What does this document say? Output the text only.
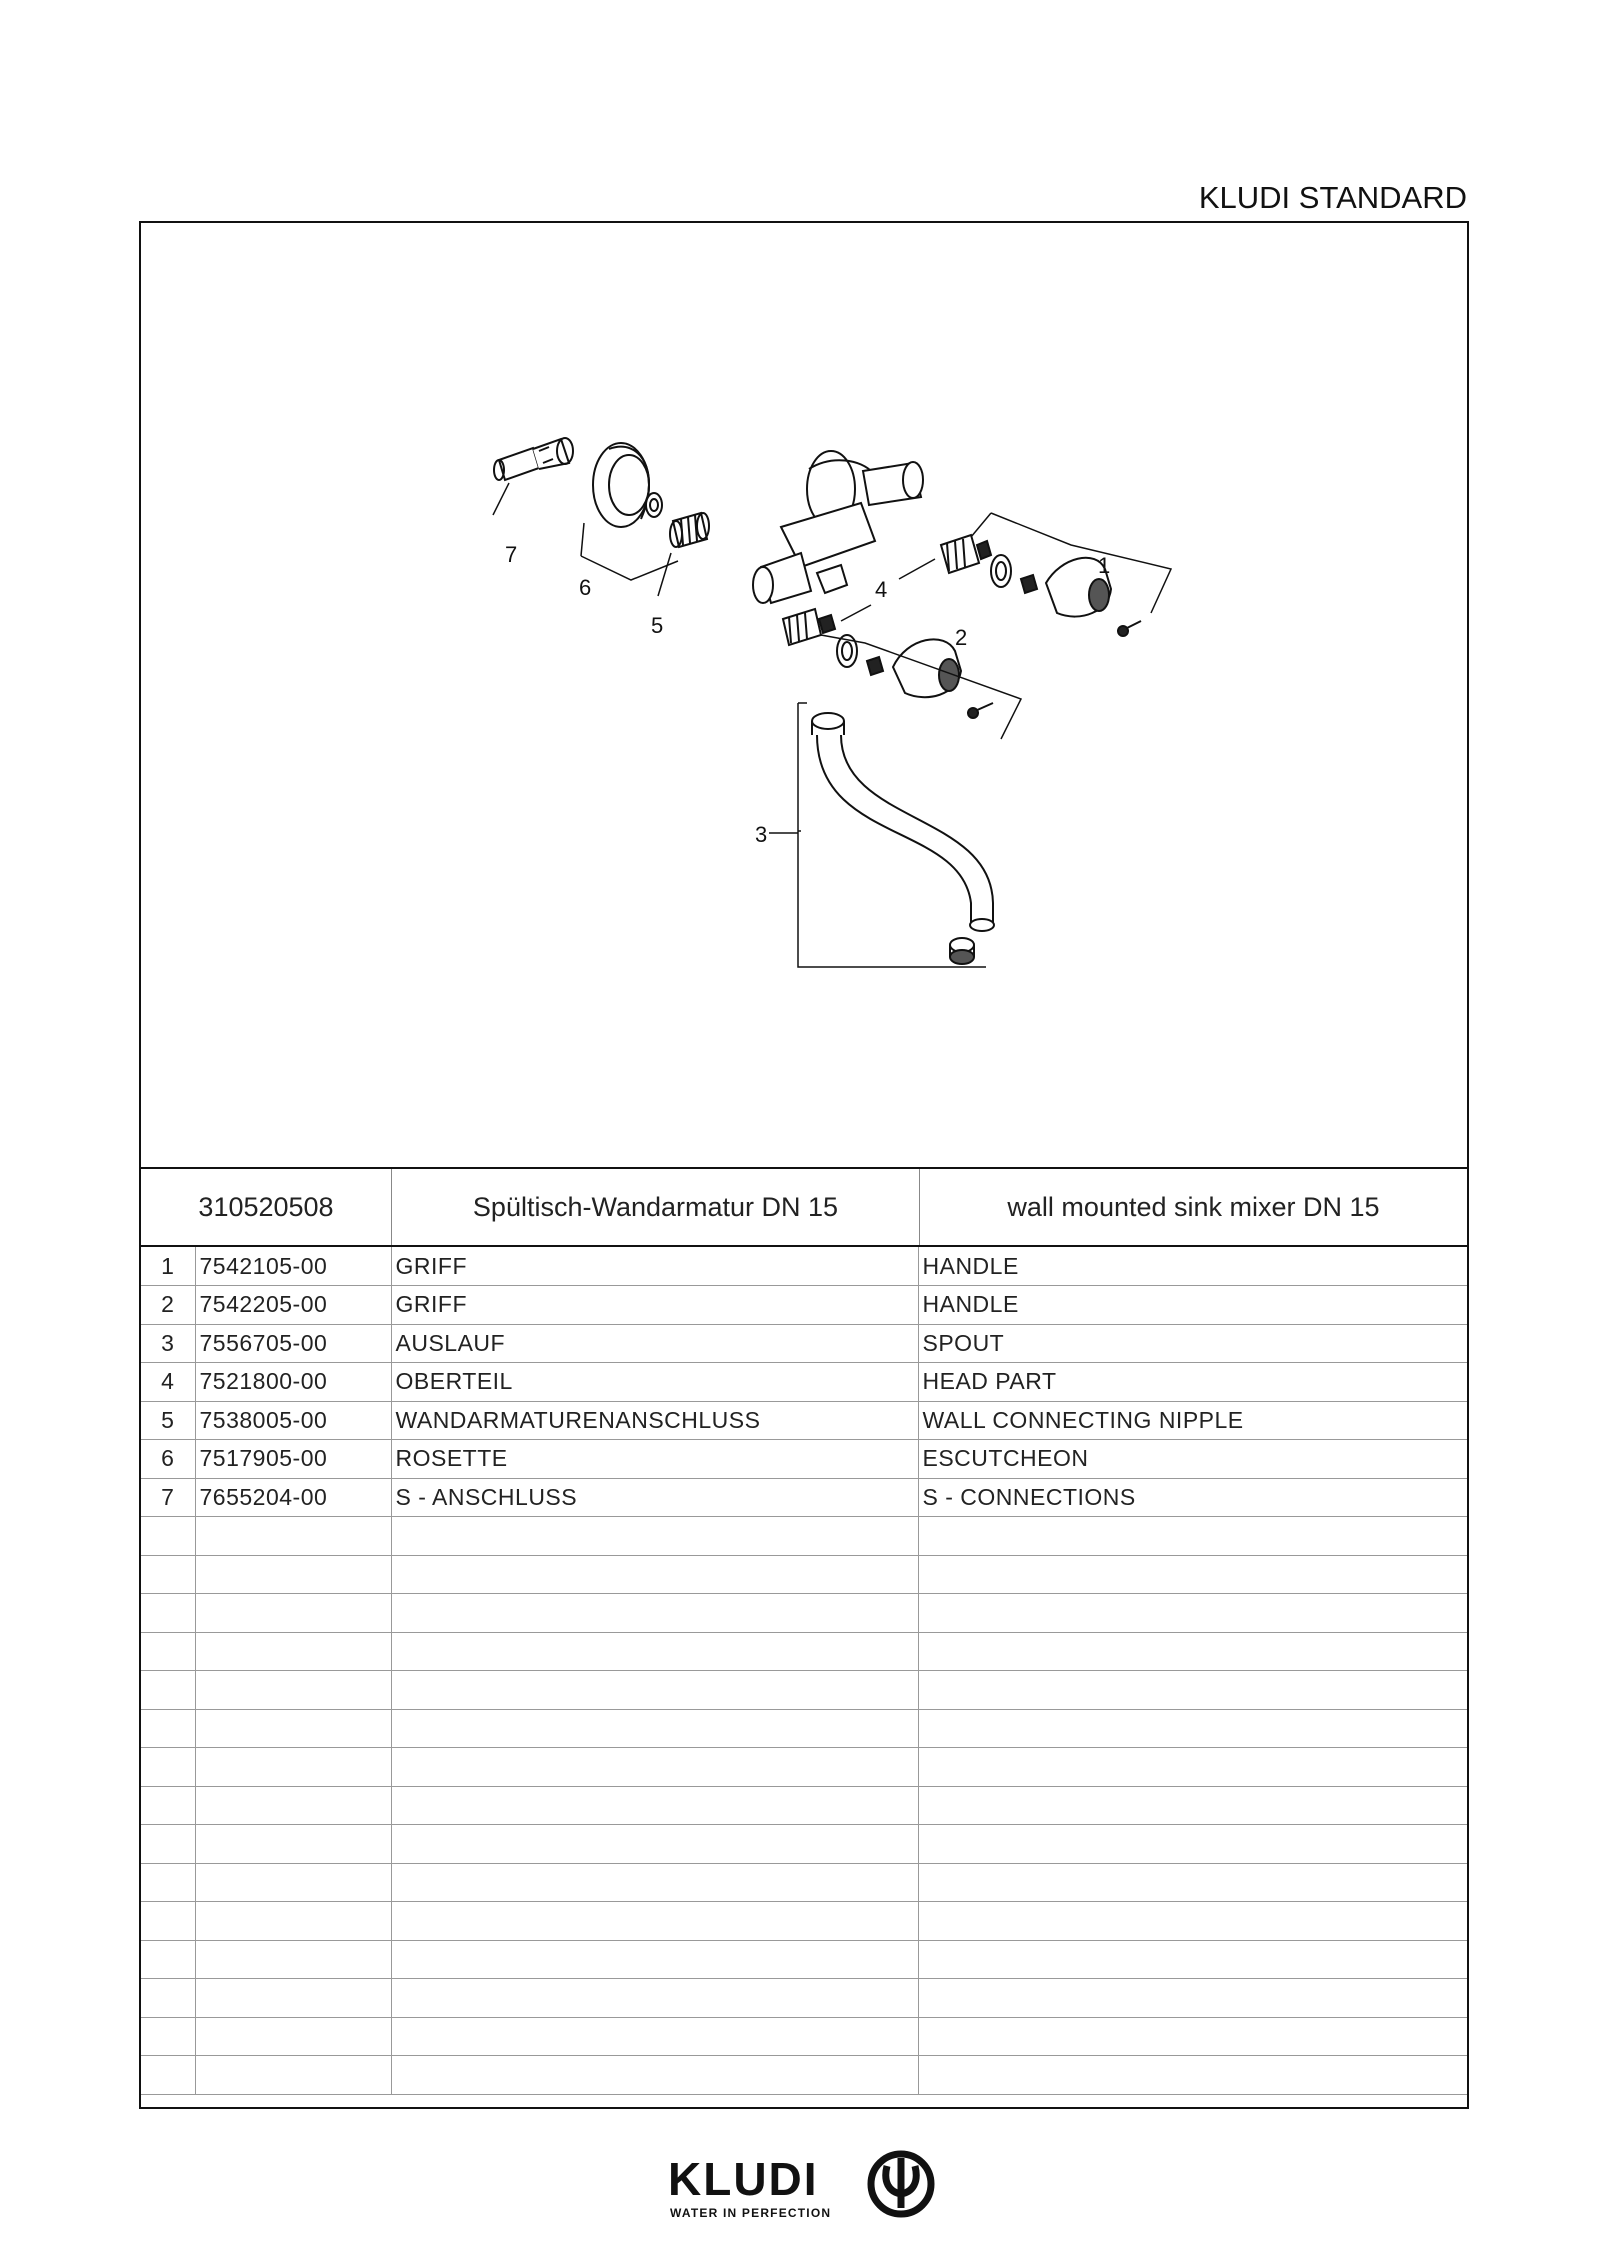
KLUDI STANDARD
7
6
5
4
1
2
3
310520508	Spültisch-Wandarmatur DN 15	wall mounted sink mixer DN 15
1	7542105-00	GRIFF	HANDLE
2	7542205-00	GRIFF	HANDLE
3	7556705-00	AUSLAUF	SPOUT
4	7521800-00	OBERTEIL	HEAD PART
5	7538005-00	WANDARMATURENANSCHLUSS	WALL CONNECTING NIPPLE
6	7517905-00	ROSETTE	ESCUTCHEON
7	7655204-00	S - ANSCHLUSS	S - CONNECTIONS

KLUDI
WATER IN PERFECTION
